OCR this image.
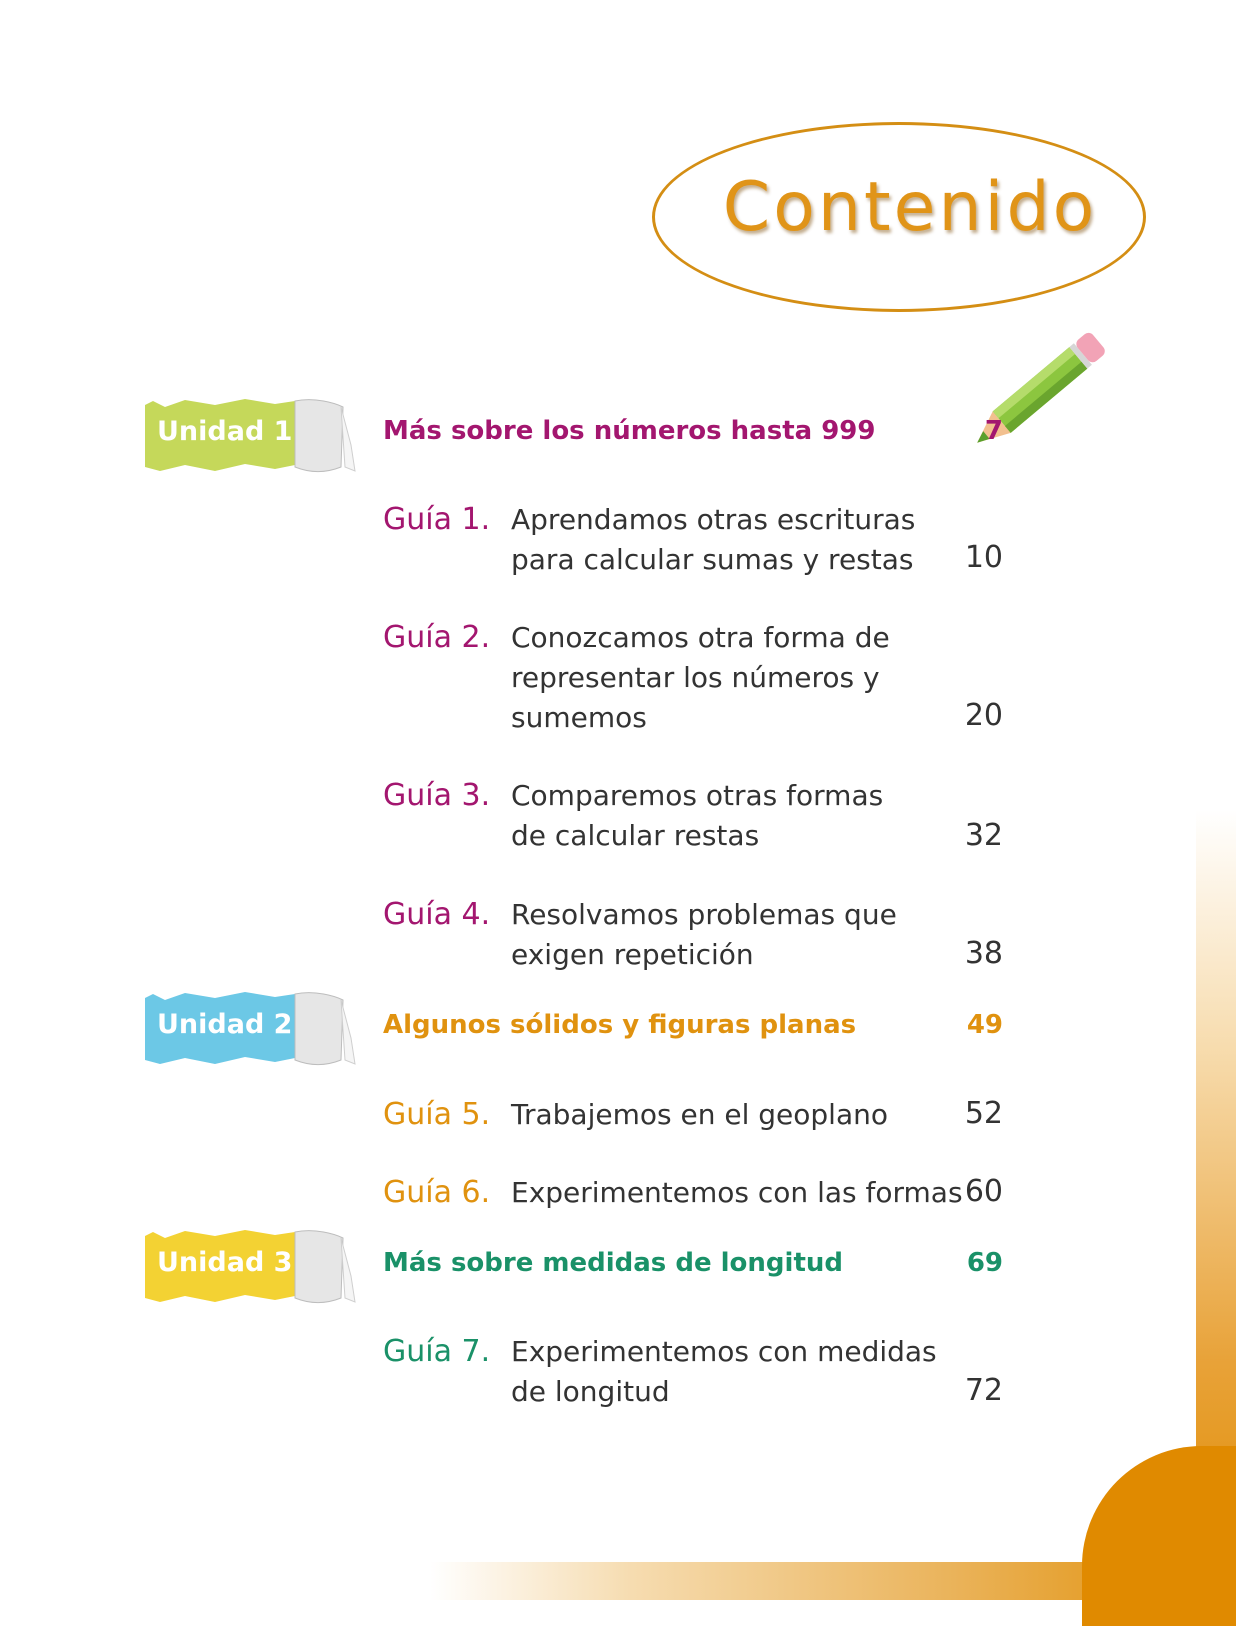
Contenido
Unidad 1
Unidad 2
Unidad 3
Más sobre los números hasta 999	7
Guía 1. Aprendamos otras escrituras
para calcular sumas y restas	10
Guía 2. Conozcamos otra forma de
representar los números y
sumemos	20
Guía 3. Comparemos otras formas
de calcular restas	32
Guía 4. Resolvamos problemas que
exigen repetición	38
Algunos sólidos y figuras planas	49
Guía 5. Trabajemos en el geoplano	52
Guía 6. Experimentemos con las formas 60
Más sobre medidas de longitud	69
Guía 7. Experimentemos con medidas
de longitud	72
